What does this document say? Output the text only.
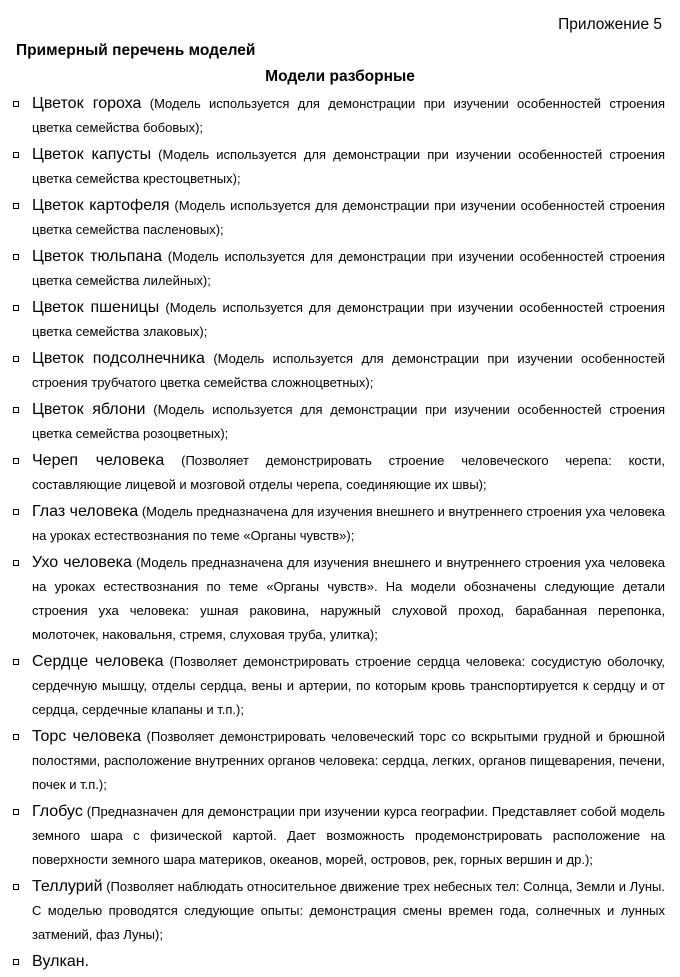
Приложение 5
Примерный перечень моделей
Модели разборные
Цветок гороха (Модель используется для демонстрации при изучении особенностей строения цветка семейства бобовых);
Цветок капусты (Модель используется для демонстрации при изучении особенностей строения цветка семейства крестоцветных);
Цветок картофеля (Модель используется для демонстрации при изучении особенностей строения цветка семейства пасленовых);
Цветок тюльпана (Модель используется для демонстрации при изучении особенностей строения цветка семейства лилейных);
Цветок пшеницы (Модель используется для демонстрации при изучении особенностей строения цветка семейства злаковых);
Цветок подсолнечника (Модель используется для демонстрации при изучении особенностей строения трубчатого цветка семейства сложноцветных);
Цветок яблони (Модель используется для демонстрации при изучении особенностей строения цветка семейства розоцветных);
Череп человека (Позволяет демонстрировать строение человеческого черепа: кости, составляющие лицевой и мозговой отделы черепа, соединяющие их швы);
Глаз человека (Модель предназначена для изучения внешнего и внутреннего строения уха человека на уроках естествознания по теме «Органы чувств»);
Ухо человека (Модель предназначена для изучения внешнего и внутреннего строения уха человека на уроках естествознания по теме «Органы чувств». На модели обозначены следующие детали строения уха человека: ушная раковина, наружный слуховой проход, барабанная перепонка, молоточек, наковальня, стремя, слуховая труба, улитка);
Сердце человека (Позволяет демонстрировать строение сердца человека: сосудистую оболочку, сердечную мышцу, отделы сердца, вены и артерии, по которым кровь транспортируется к сердцу и от сердца, сердечные клапаны и т.п.);
Торс человека (Позволяет демонстрировать человеческий торс со вскрытыми грудной и брюшной полостями, расположение внутренних органов человека: сердца, легких, органов пищеварения, печени, почек и т.п.);
Глобус (Предназначен для демонстрации при изучении курса географии. Представляет собой модель земного шара с физической картой. Дает возможность продемонстрировать расположение на поверхности земного шара материков, океанов, морей, островов, рек, горных вершин и др.);
Теллурий (Позволяет наблюдать относительное движение трех небесных тел: Солнца, Земли и Луны. С моделью проводятся следующие опыты: демонстрация смены времен года, солнечных и лунных затмений, фаз Луны);
Вулкан.
